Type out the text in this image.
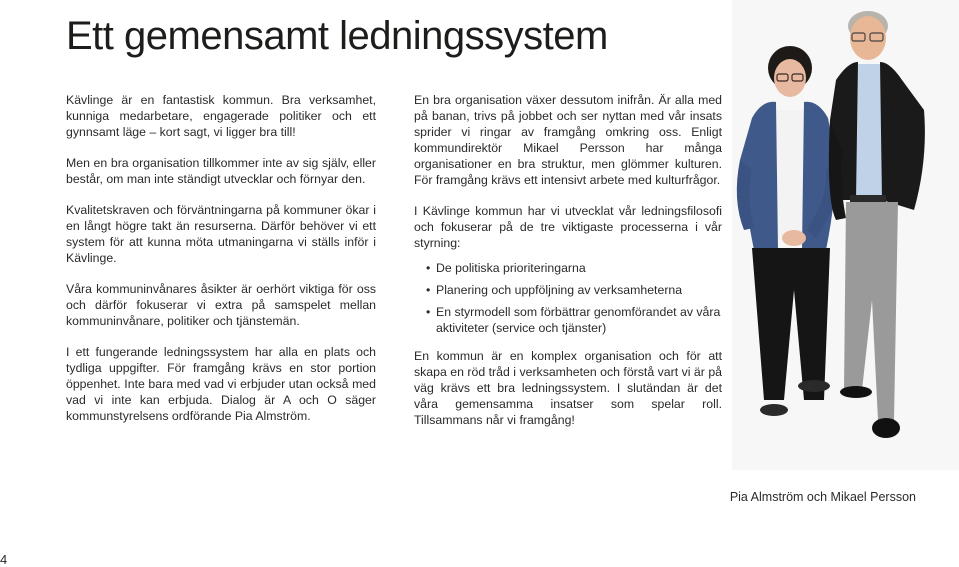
Ett gemensamt ledningssystem

Kävlinge är en fantastisk kommun. Bra verksamhet, kunniga medarbetare, engagerade politiker och ett gynnsamt läge – kort sagt, vi ligger bra till!

Men en bra organisation tillkommer inte av sig själv, eller består, om man inte ständigt utvecklar och förnyar den.

Kvalitetskraven och förväntningarna på kommuner ökar i en långt högre takt än resurserna. Därför behöver vi ett system för att kunna möta utmaningarna vi ställs inför i Kävlinge.

Våra kommuninvånares åsikter är oerhört viktiga för oss och därför fokuserar vi extra på samspelet mellan kommuninvånare, politiker och tjänstemän.

I ett fungerande ledningssystem har alla en plats och tydliga uppgifter. För framgång krävs en stor portion öppenhet. Inte bara med vad vi erbjuder utan också med vad vi inte kan erbjuda. Dialog är A och O säger kommunstyrelsens ordförande Pia Almström.

En bra organisation växer dessutom inifrån. Är alla med på banan, trivs på jobbet och ser nyttan med vår insats sprider vi ringar av framgång omkring oss. Enligt kommundirektör Mikael Persson har många organisationer en bra struktur, men glömmer kulturen. För framgång krävs ett intensivt arbete med kulturfrågor.

I Kävlinge kommun har vi utvecklat vår ledningsfilosofi och fokuserar på de tre viktigaste processerna i vår styrning:

• De politiska prioriteringarna
• Planering och uppföljning av verksamheterna
• En styrmodell som förbättrar genomförandet av våra aktiviteter (service och tjänster)

En kommun är en komplex organisation och för att skapa en röd tråd i verksamheten och förstå vart vi är på väg krävs ett bra ledningssystem. I slutändan är det våra gemensamma insatser som spelar roll. Tillsammans når vi framgång!

Pia Almström och Mikael Persson
4
